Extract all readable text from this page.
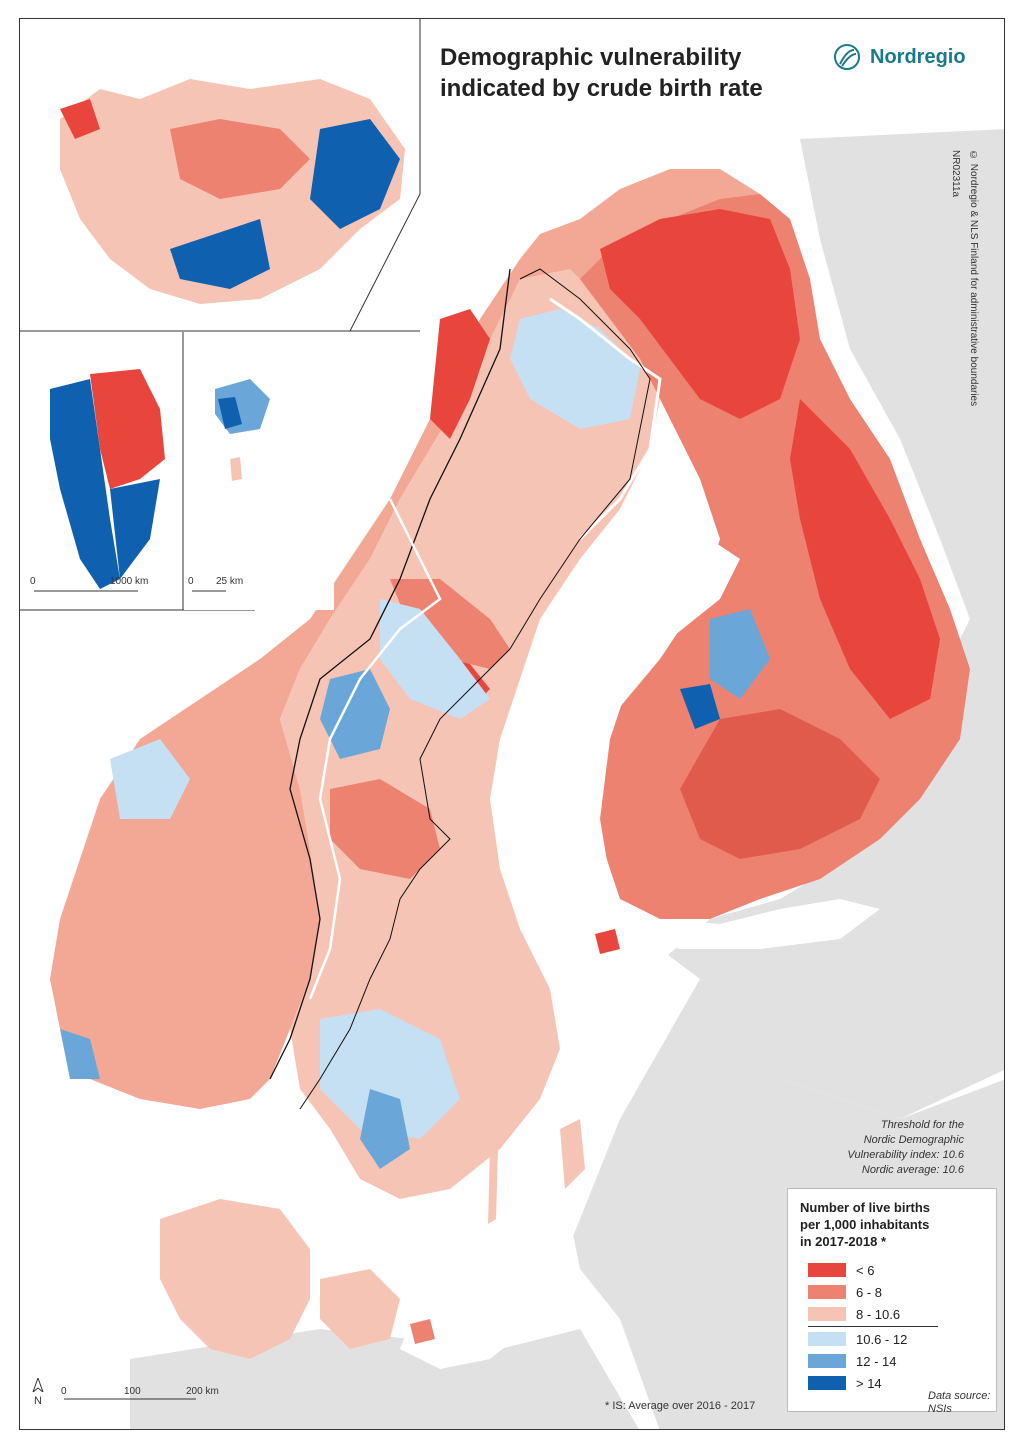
Demographic vulnerability
indicated by crude birth rate
Nordregio
© Nordregio & NLS Finland for administrative boundaries
NR02311a
Threshold for the
Nordic Demographic
Vulnerability index: 10.6
Nordic average: 10.6
Number of live births
per 1,000 inhabitants
in 2017-2018 *
< 6
6 - 8
8 - 10.6
10.6 - 12
12 - 14
> 14
* IS: Average over 2016 - 2017
Data source:
NSIs
N
0	100	200 km
0	1000 km	0 25 km
